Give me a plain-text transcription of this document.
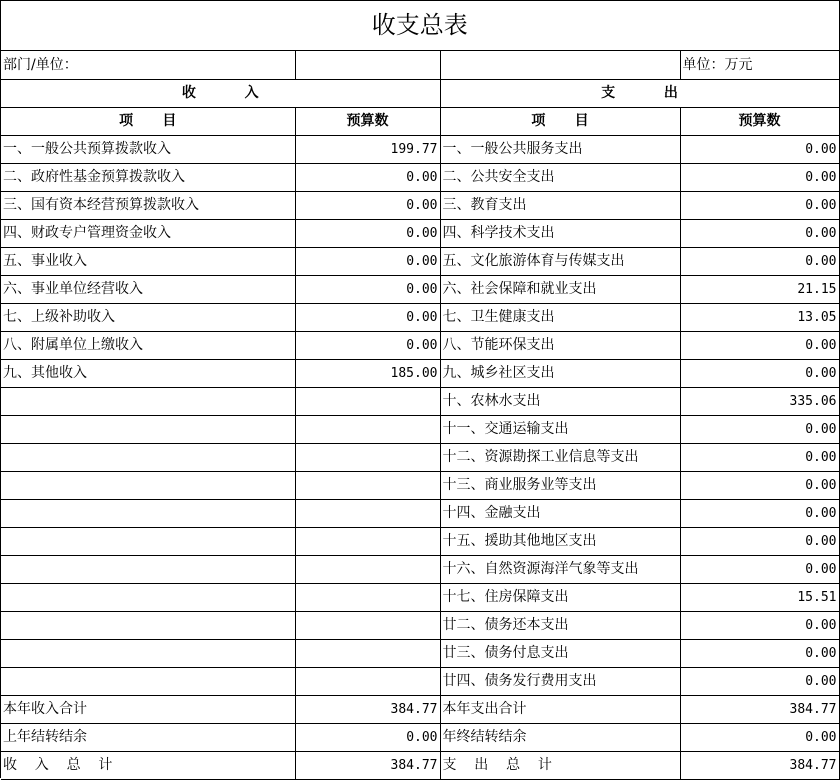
收支总表			
部门/单位：			单位：万元
收          入		支          出	
项      目	预算数	项      目	预算数
一、一般公共预算拨款收入	199.77	一、一般公共服务支出	0.00
二、政府性基金预算拨款收入	0.00	二、公共安全支出	0.00
三、国有资本经营预算拨款收入	0.00	三、教育支出	0.00
四、财政专户管理资金收入	0.00	四、科学技术支出	0.00
五、事业收入	0.00	五、文化旅游体育与传媒支出	0.00
六、事业单位经营收入	0.00	六、社会保障和就业支出	21.15
七、上级补助收入	0.00	七、卫生健康支出	13.05
八、附属单位上缴收入	0.00	八、节能环保支出	0.00
九、其他收入	185.00	九、城乡社区支出	0.00
		十、农林水支出	335.06
		十一、交通运输支出	0.00
		十二、资源勘探工业信息等支出	0.00
		十三、商业服务业等支出	0.00
		十四、金融支出	0.00
		十五、援助其他地区支出	0.00
		十六、自然资源海洋气象等支出	0.00
		十七、住房保障支出	15.51
		廿二、债务还本支出	0.00
		廿三、债务付息支出	0.00
		廿四、债务发行费用支出	0.00
本年收入合计	384.77	本年支出合计	384.77
上年结转结余	0.00	年终结转结余	0.00
收    入    总    计	384.77	支    出    总    计	384.77
